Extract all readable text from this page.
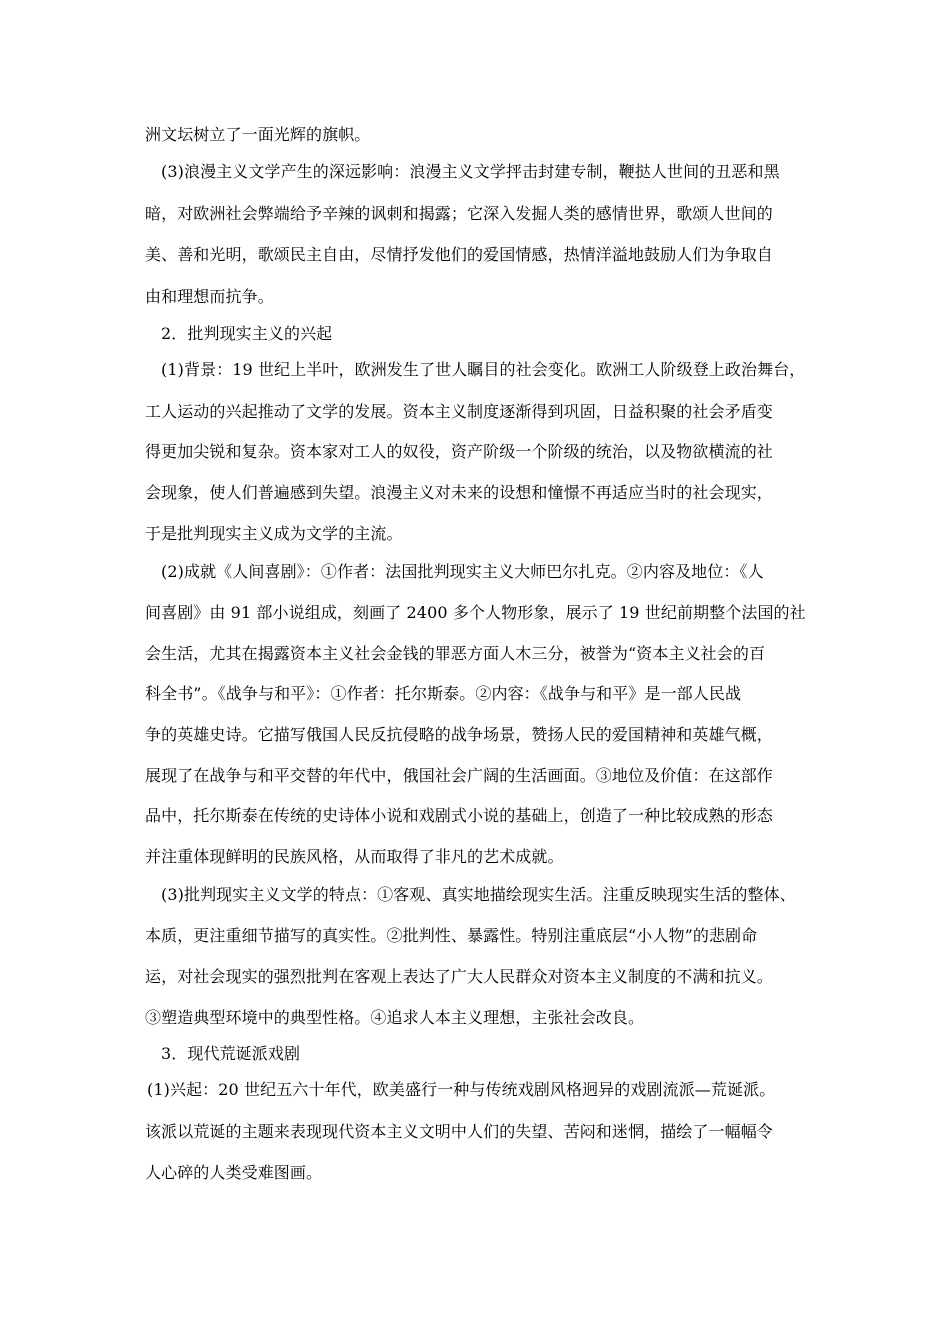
洲文坛树立了一面光辉的旗帜。
(3)浪漫主义文学产生的深远影响：浪漫主义文学抨击封建专制，鞭挞人世间的丑恶和黑
暗，对欧洲社会弊端给予辛辣的讽刺和揭露；它深入发掘人类的感情世界，歌颂人世间的
美、善和光明，歌颂民主自由，尽情抒发他们的爱国情感，热情洋溢地鼓励人们为争取自
由和理想而抗争。
2．批判现实主义的兴起
(1)背景：19 世纪上半叶，欧洲发生了世人瞩目的社会变化。欧洲工人阶级登上政治舞台，
工人运动的兴起推动了文学的发展。资本主义制度逐渐得到巩固，日益积聚的社会矛盾变
得更加尖锐和复杂。资本家对工人的奴役，资产阶级一个阶级的统治，以及物欲横流的社
会现象，使人们普遍感到失望。浪漫主义对未来的设想和憧憬不再适应当时的社会现实，
于是批判现实主义成为文学的主流。
(2)成就《人间喜剧》：①作者：法国批判现实主义大师巴尔扎克。②内容及地位：《人
间喜剧》由 91 部小说组成，刻画了 2400 多个人物形象，展示了 19 世纪前期整个法国的社
会生活，尤其在揭露资本主义社会金钱的罪恶方面人木三分，被誉为“资本主义社会的百
科全书”。《战争与和平》：①作者：托尔斯泰。②内容：《战争与和平》是一部人民战
争的英雄史诗。它描写俄国人民反抗侵略的战争场景，赞扬人民的爱国精神和英雄气概，
展现了在战争与和平交替的年代中，俄国社会广阔的生活画面。③地位及价值：在这部作
品中，托尔斯泰在传统的史诗体小说和戏剧式小说的基础上，创造了一种比较成熟的形态
并注重体现鲜明的民族风格，从而取得了非凡的艺术成就。
(3)批判现实主义文学的特点：①客观、真实地描绘现实生活。注重反映现实生活的整体、
本质，更注重细节描写的真实性。②批判性、暴露性。特别注重底层“小人物”的悲剧命
运，对社会现实的强烈批判在客观上表达了广大人民群众对资本主义制度的不满和抗义。
③塑造典型环境中的典型性格。④追求人本主义理想，主张社会改良。
3．现代荒诞派戏剧
(1)兴起：20 世纪五六十年代，欧美盛行一种与传统戏剧风格迥异的戏剧流派—荒诞派。
该派以荒诞的主题来表现现代资本主义文明中人们的失望、苦闷和迷惘，描绘了一幅幅令
人心碎的人类受难图画。
